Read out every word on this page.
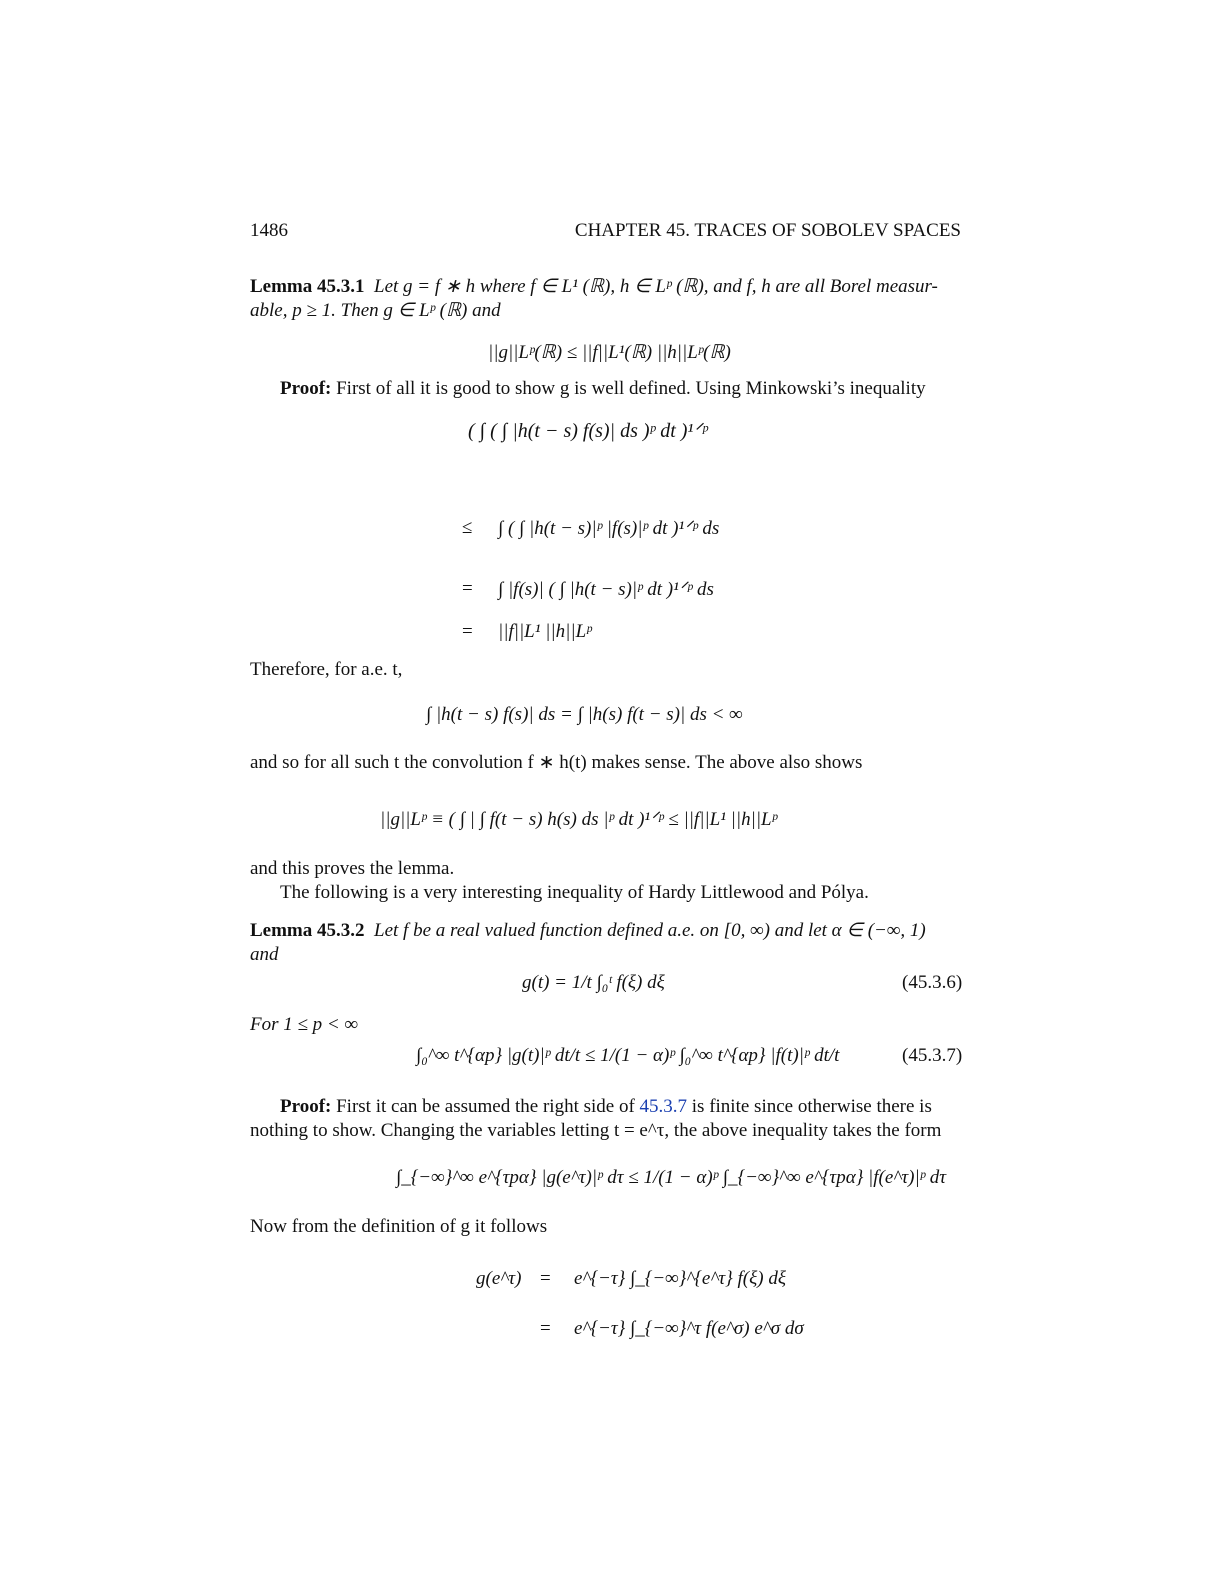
1486	CHAPTER 45. TRACES OF SOBOLEV SPACES
Lemma 45.3.1 Let g = f ∗ h where f ∈ L¹ (ℝ), h ∈ Lᵖ (ℝ), and f, h are all Borel measur-
able, p ≥ 1. Then g ∈ Lᵖ (ℝ) and
||g||Lᵖ(ℝ) ≤ ||f||L¹(ℝ) ||h||Lᵖ(ℝ)
Proof: First of all it is good to show g is well defined. Using Minkowski’s inequality
( ∫ ( ∫ |h(t − s) f(s)| ds )ᵖ dt )¹ᐟᵖ
≤ ∫ ( ∫ |h(t − s)|ᵖ |f(s)|ᵖ dt )¹ᐟᵖ ds
= ∫ |f(s)| ( ∫ |h(t − s)|ᵖ dt )¹ᐟᵖ ds
= ||f||L¹ ||h||Lᵖ
Therefore, for a.e. t,
∫ |h(t − s) f(s)| ds = ∫ |h(s) f(t − s)| ds < ∞
and so for all such t the convolution f ∗ h(t) makes sense. The above also shows
||g||Lᵖ ≡ ( ∫ | ∫ f(t − s) h(s) ds |ᵖ dt )¹ᐟᵖ ≤ ||f||L¹ ||h||Lᵖ
and this proves the lemma.
The following is a very interesting inequality of Hardy Littlewood and Pólya.
Lemma 45.3.2 Let f be a real valued function defined a.e. on [0, ∞) and let α ∈ (−∞, 1)
and
g(t) = 1/t ∫₀ᵗ f(ξ) dξ	(45.3.6)
For 1 ≤ p < ∞
∫₀^∞ t^{αp} |g(t)|ᵖ dt/t ≤ 1/(1 − α)ᵖ ∫₀^∞ t^{αp} |f(t)|ᵖ dt/t	(45.3.7)
Proof: First it can be assumed the right side of 45.3.7 is finite since otherwise there is
nothing to show. Changing the variables letting t = e^τ, the above inequality takes the form
∫_{−∞}^∞ e^{τpα} |g(e^τ)|ᵖ dτ ≤ 1/(1 − α)ᵖ ∫_{−∞}^∞ e^{τpα} |f(e^τ)|ᵖ dτ
Now from the definition of g it follows
g(e^τ) = e^{−τ} ∫_{−∞}^{e^τ} f(ξ) dξ
= e^{−τ} ∫_{−∞}^τ f(e^σ) e^σ dσ
